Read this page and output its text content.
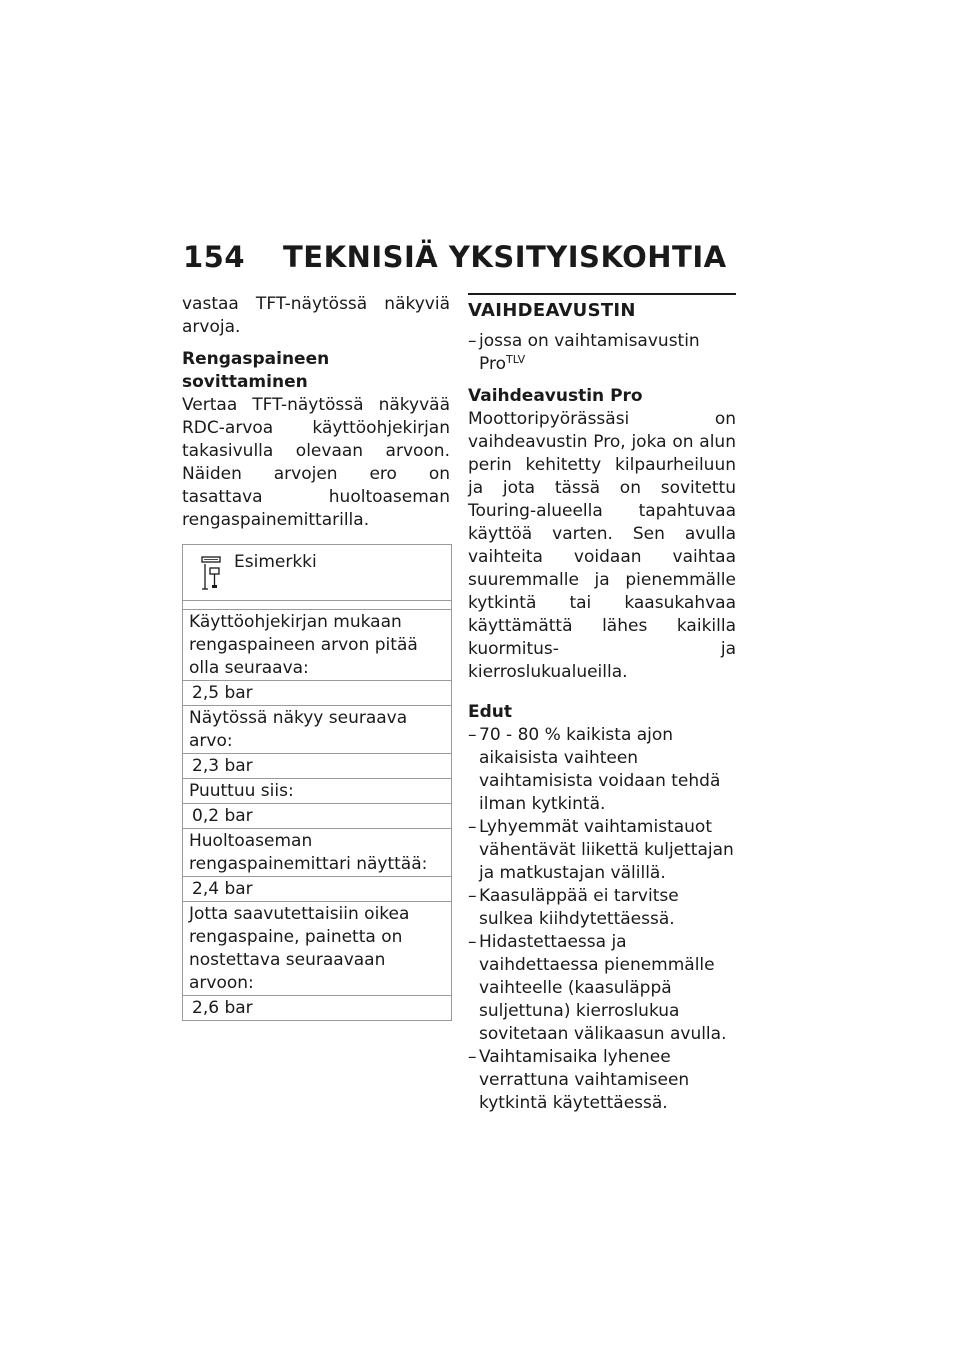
154 TEKNISIÄ YKSITYISKOHTIA

vastaa TFT-näytössä näkyviä arvoja.

Rengaspaineen sovittaminen

Vertaa TFT-näytössä näkyvää RDC-arvoa käyttöohjekirjan takasivulla olevaan arvoon. Näiden arvojen ero on tasattava huoltoaseman rengaspainemittarilla.

Esimerkki
Käyttöohjekirjan mukaan rengaspaineen arvon pitää olla seuraava:
2,5 bar
Näytössä näkyy seuraava arvo:
2,3 bar
Puuttuu siis:
0,2 bar
Huoltoaseman rengaspainemittari näyttää:
2,4 bar
Jotta saavutettaisiin oikea rengaspaine, painetta on nostettava seuraavaan arvoon:
2,6 bar
VAIHDEAVUSTIN
– jossa on vaihtamisavustin Pro$^{TLV}$
Vaihdeavustin Pro

Moottoripyörässäsi on vaihdeavustin Pro, joka on alun perin kehitetty kilpaurheiluun ja jota tässä on sovitettu Touring-alueella tapahtuvaa käyttöä varten. Sen avulla vaihteita voidaan vaihtaa suuremmalle ja pienemmälle kytkintä tai kaasukahvaa käyttämättä lähes kaikilla kuormitus- ja kierroslukualueilla.

Edut
– 70 - 80 % kaikista ajon aikaisista vaihteen vaihtamisista voidaan tehdä ilman kytkintä.
– Lyhyemmät vaihtamistauot vähentävät liikettä kuljettajan ja matkustajan välillä.
– Kaasuläppää ei tarvitse sulkea kiihdytettäessä.
– Hidastettaessa ja vaihdettaessa pienemmälle vaihteelle (kaasuläppä suljettuna) kierroslukua sovitetaan välikaasun avulla.
– Vaihtamisaika lyhenee verrattuna vaihtamiseen kytkintä käytettäessä.
